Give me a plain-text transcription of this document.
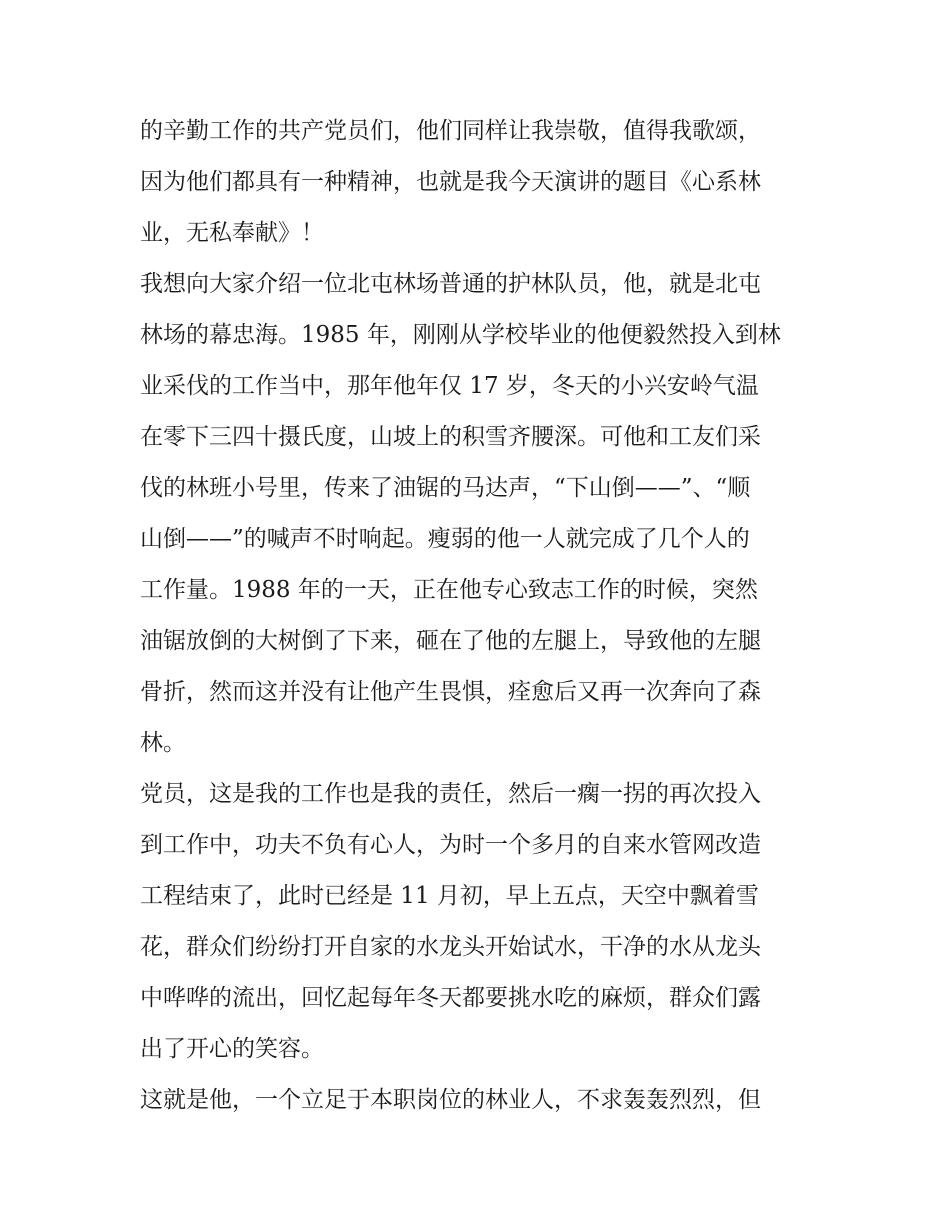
的辛勤工作的共产党员们，他们同样让我崇敬，值得我歌颂，
因为他们都具有一种精神，也就是我今天演讲的题目《心系林
业，无私奉献》！
我想向大家介绍一位北屯林场普通的护林队员，他，就是北屯
林场的幕忠海。1985 年，刚刚从学校毕业的他便毅然投入到林
业采伐的工作当中，那年他年仅 17 岁，冬天的小兴安岭气温
在零下三四十摄氏度，山坡上的积雪齐腰深。可他和工友们采
伐的林班小号里，传来了油锯的马达声，“下山倒——”、“顺
山倒——”的喊声不时响起。瘦弱的他一人就完成了几个人的
工作量。1988 年的一天，正在他专心致志工作的时候，突然
油锯放倒的大树倒了下来，砸在了他的左腿上，导致他的左腿
骨折，然而这并没有让他产生畏惧，痊愈后又再一次奔向了森
林。
党员，这是我的工作也是我的责任，然后一瘸一拐的再次投入
到工作中，功夫不负有心人，为时一个多月的自来水管网改造
工程结束了，此时已经是 11 月初，早上五点，天空中飘着雪
花，群众们纷纷打开自家的水龙头开始试水，干净的水从龙头
中哗哗的流出，回忆起每年冬天都要挑水吃的麻烦，群众们露
出了开心的笑容。
这就是他，一个立足于本职岗位的林业人，不求轰轰烈烈，但
